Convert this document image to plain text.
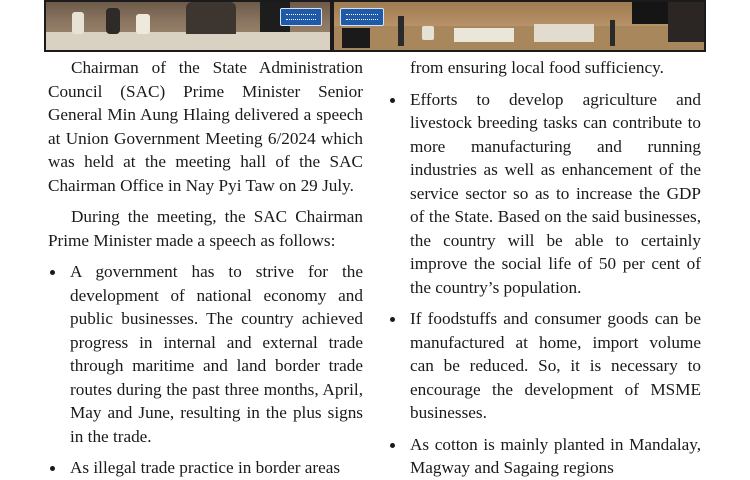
Chairman of the State Administration Council (SAC) Prime Minister Senior General Min Aung Hlaing delivered a speech at Union Government Meeting 6/2024 which was held at the meeting hall of the SAC Chairman Office in Nay Pyi Taw on 29 July.

During the meeting, the SAC Chairman Prime Minister made a speech as follows:

A government has to strive for the development of national economy and public businesses. The country achieved progress in internal and external trade through maritime and land border trade routes during the past three months, April, May and June, resulting in the plus signs in the trade.
As illegal trade practice in border areas

from ensuring local food sufficiency.

Efforts to develop agriculture and livestock breeding tasks can contribute to more manufacturing and running industries as well as enhancement of the service sector so as to increase the GDP of the State. Based on the said businesses, the country will be able to certainly improve the social life of 50 per cent of the country’s population.
If foodstuffs and consumer goods can be manufactured at home, import volume can be reduced. So, it is necessary to encourage the development of MSME businesses.
As cotton is mainly planted in Mandalay, Magway and Sagaing regions
